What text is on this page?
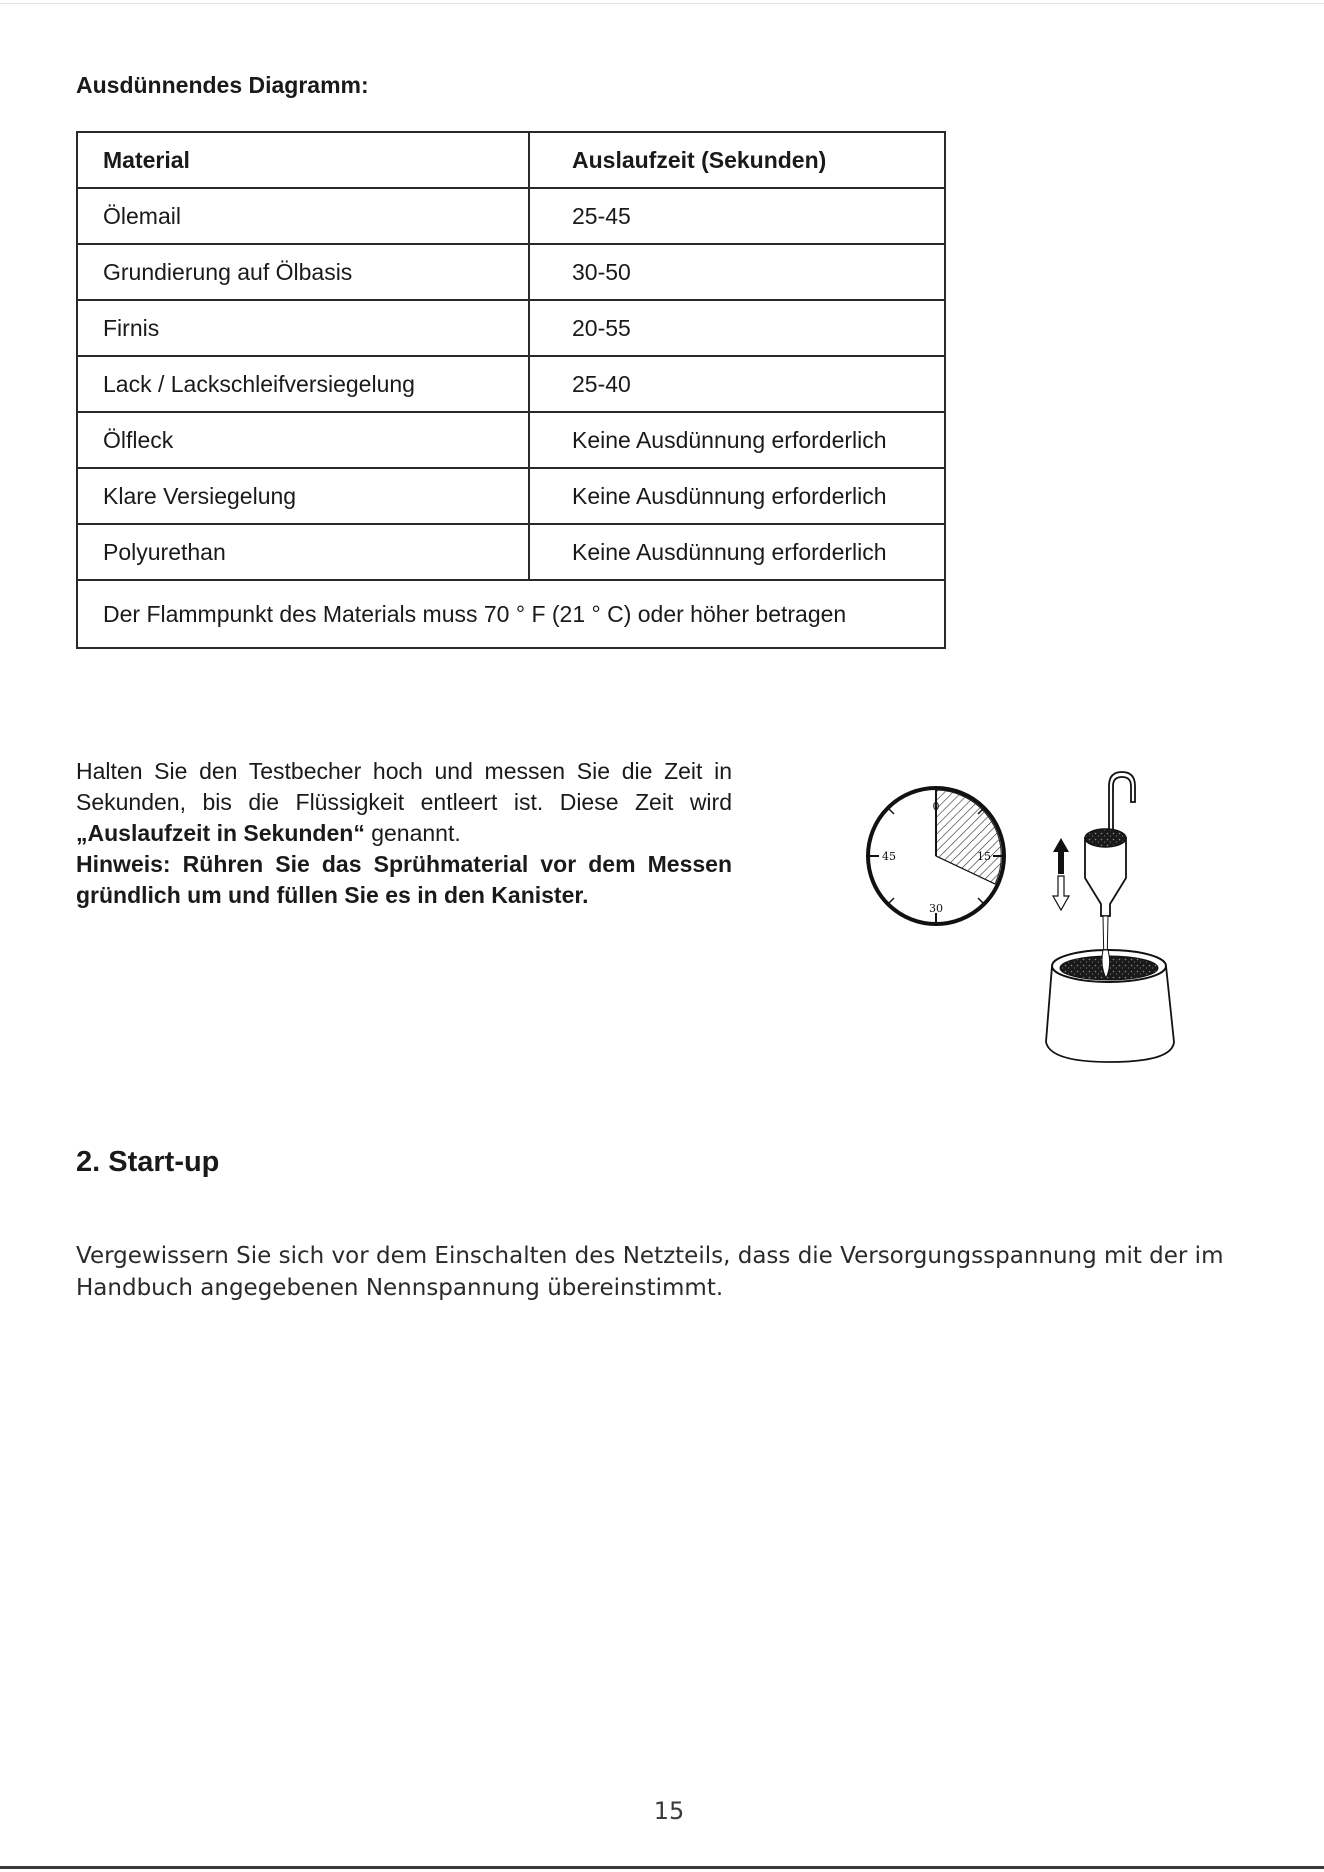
Ausdünnendes Diagramm:
Material	Auslaufzeit (Sekunden)
Ölemail	25-45
Grundierung auf Ölbasis	30-50
Firnis	20-55
Lack / Lackschleifversiegelung	25-40
Ölfleck	Keine Ausdünnung erforderlich
Klare Versiegelung	Keine Ausdünnung erforderlich
Polyurethan	Keine Ausdünnung erforderlich
Der Flammpunkt des Materials muss 70 ° F (21 ° C) oder höher betragen	
Halten Sie den Testbecher hoch und messen Sie die Zeit in Sekunden, bis die Flüssigkeit entleert ist. Diese Zeit wird „Auslaufzeit in Sekunden“ genannt.
Hinweis: Rühren Sie das Sprühmaterial vor dem Messen gründlich um und füllen Sie es in den Kanister.
0
15
30
45
2. Start-up
Vergewissern Sie sich vor dem Einschalten des Netzteils, dass die Versorgungsspannung mit der im Handbuch angegebenen Nennspannung übereinstimmt.
15
